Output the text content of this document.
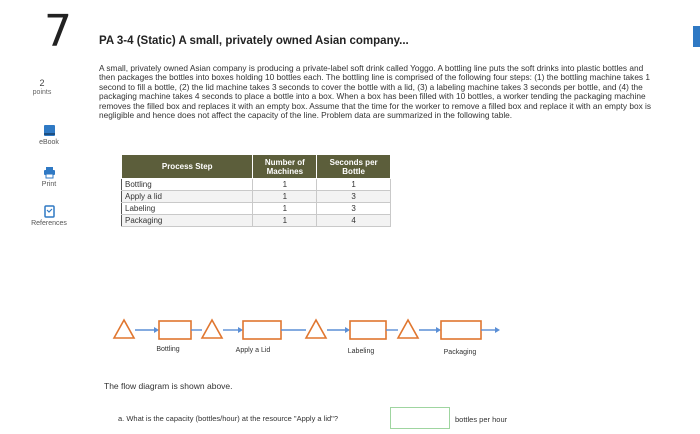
7
2
points
eBook
Print
References
PA 3-4 (Static) A small, privately owned Asian company...
A small, privately owned Asian company is producing a private-label soft drink called Yoggo. A bottling line puts the soft drinks into plastic bottles and then packages the bottles into boxes holding 10 bottles each. The bottling line is comprised of the following four steps: (1) the bottling machine takes 1 second to fill a bottle, (2) the lid machine takes 3 seconds to cover the bottle with a lid, (3) a labeling machine takes 3 seconds per bottle, and (4) the packaging machine takes 4 seconds to place a bottle into a box. When a box has been filled with 10 bottles, a worker tending the packaging machine removes the filled box and replaces it with an empty box. Assume that the time for the worker to remove a filled box and replace it with an empty box is negligible and hence does not affect the capacity of the line. Problem data are summarized in the following table.
Process Step	Number of Machines	Seconds per Bottle
Bottling	1	1
Apply a lid	1	3
Labeling	1	3
Packaging	1	4
Bottling	Apply a Lid	Labeling	Packaging
The flow diagram is shown above.
a. What is the capacity (bottles/hour) at the resource "Apply a lid"?	bottles per hour
